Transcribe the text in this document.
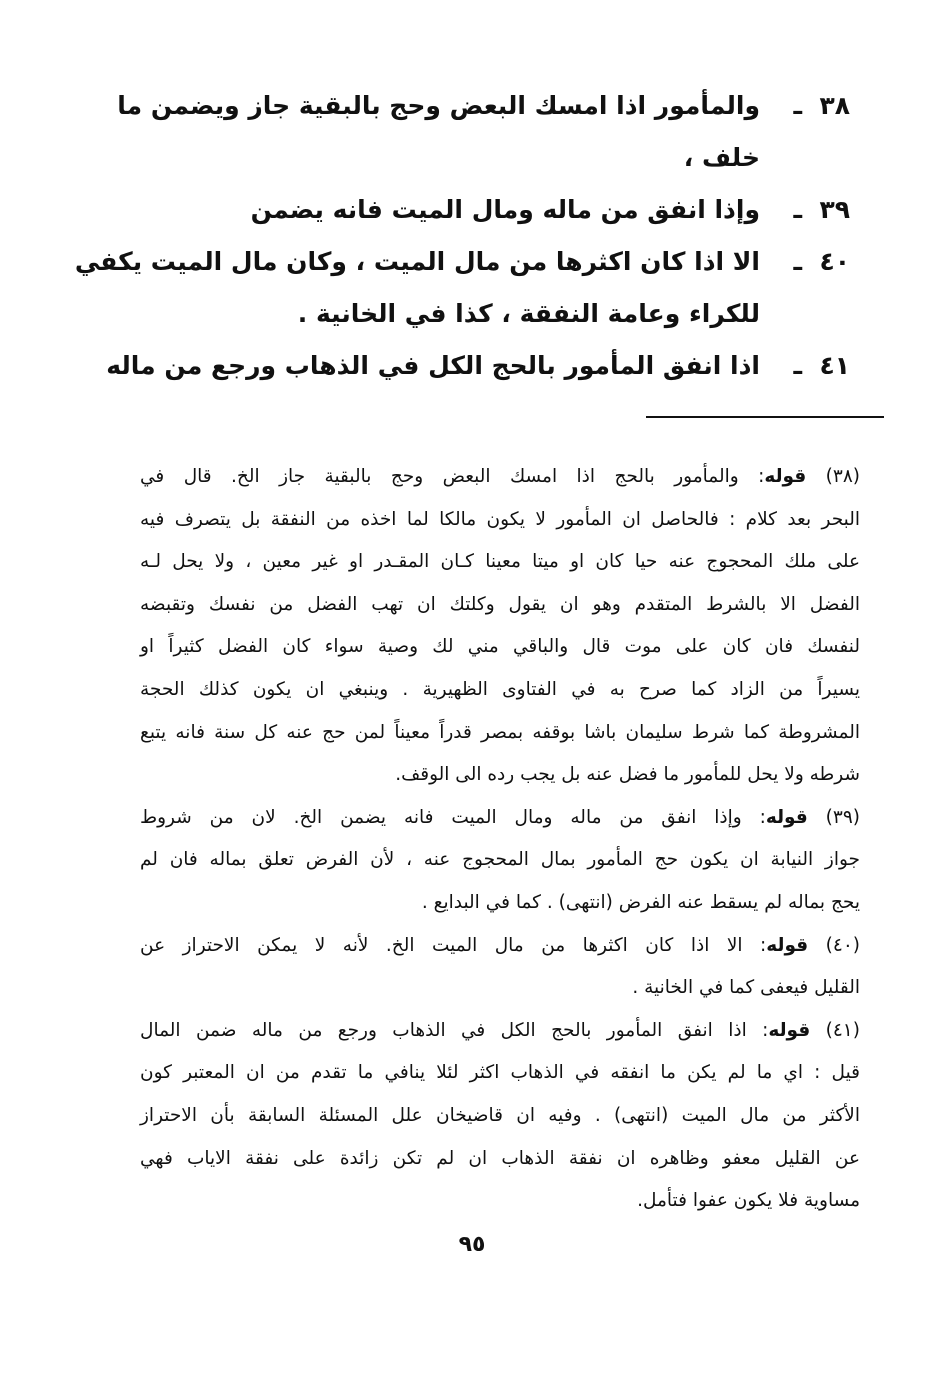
٣٨
ـ
والمأمور اذا امسك البعض وحج بالبقية جاز ويضمن ما
خلف ،
٣٩
ـ
وإذا انفق من ماله ومال الميت فانه يضمن
٤٠
ـ
الا اذا كان اكثرها من مال الميت ، وكان مال الميت يكفي
للكراء وعامة النفقة ، كذا في الخانية .
٤١
ـ
اذا انفق المأمور بالحج الكل في الذهاب ورجع من ماله
(٣٨) قوله: والمأمور بالحج اذا امسك البعض وحج بالبقية جاز الخ. قال في
البحر بعد كلام : فالحاصل ان المأمور لا يكون مالكا لما اخذه من النفقة بل يتصرف فيه
على ملك المحجوج عنه حيا كان او ميتا معينا كـان المقـدر او غير معين ، ولا يحل لـه
الفضل الا بالشرط المتقدم وهو ان يقول وكلتك ان تهب الفضل من نفسك وتقبضه
لنفسك فان كان على موت قال والباقي مني لك وصية سواء كان الفضل كثيراً او
يسيراً من الزاد كما صرح به في الفتاوى الظهيرية . وينبغي ان يكون كذلك الحجة
المشروطة كما شرط سليمان باشا بوقفه بمصر قدراً معيناً لمن حج عنه كل سنة فانه يتبع
شرطه ولا يحل للمأمور ما فضل عنه بل يجب رده الى الوقف.
(٣٩) قوله: وإذا انفق من ماله ومال الميت فانه يضمن الخ. لان من شروط
جواز النيابة ان يكون حج المأمور بمال المحجوج عنه ، لأن الفرض تعلق بماله فان لم
يحج بماله لم يسقط عنه الفرض (انتهى) . كما في البدايع .
(٤٠) قوله: الا اذا كان اكثرها من مال الميت الخ. لأنه لا يمكن الاحتراز عن
القليل فيعفى كما في الخانية .
(٤١) قوله: اذا انفق المأمور بالحج الكل في الذهاب ورجع من ماله ضمن المال
قيل : اي ما لم يكن ما انفقه في الذهاب اكثر لئلا ينافي ما تقدم من ان المعتبر كون
الأكثر من مال الميت (انتهى) . وفيه ان قاضيخان علل المسئلة السابقة بأن الاحتراز
عن القليل معفو وظاهره ان نفقة الذهاب ان لم تكن زائدة على نفقة الاياب فهي
مساوية فلا يكون عفوا فتأمل.
٩٥
